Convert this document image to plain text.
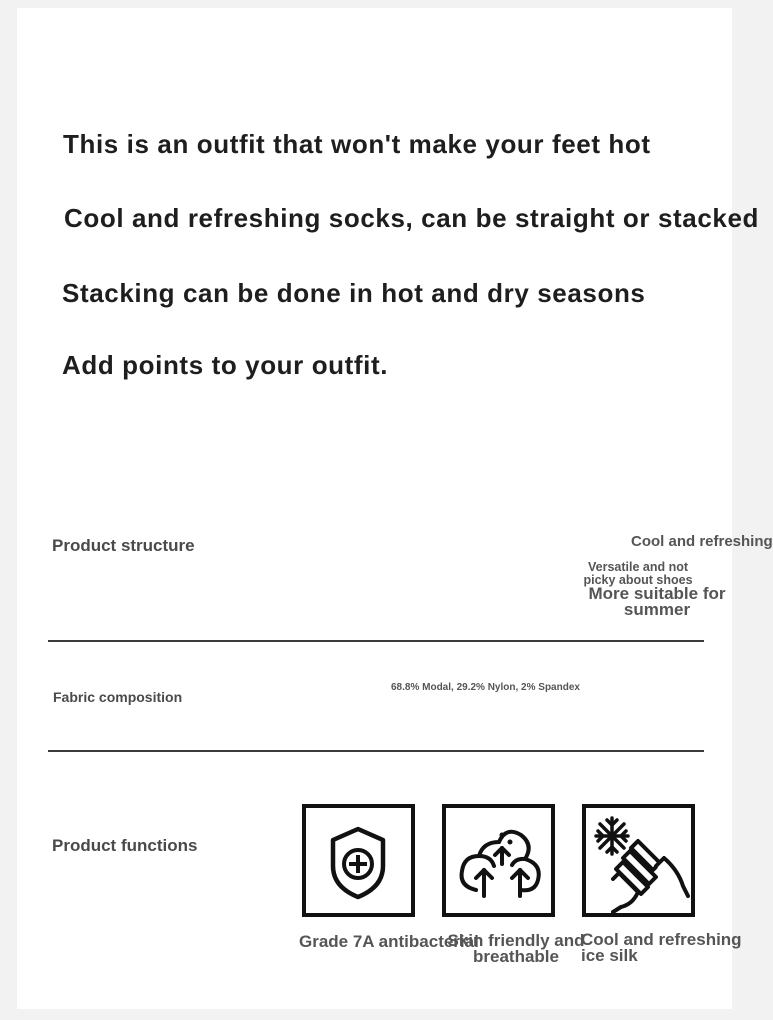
This is an outfit that won't make your feet hot

Cool and refreshing socks, can be straight or stacked

Stacking can be done in hot and dry seasons

Add points to your outfit.

Product structure	Cool and refreshing
Versatile and not picky about shoes
More suitable for summer
Fabric composition
68.8% Modal, 29.2% Nylon, 2% Spandex
Product functions
Grade 7A antibacterial
Skin friendly and breathable
Cool and refreshing ice silk
